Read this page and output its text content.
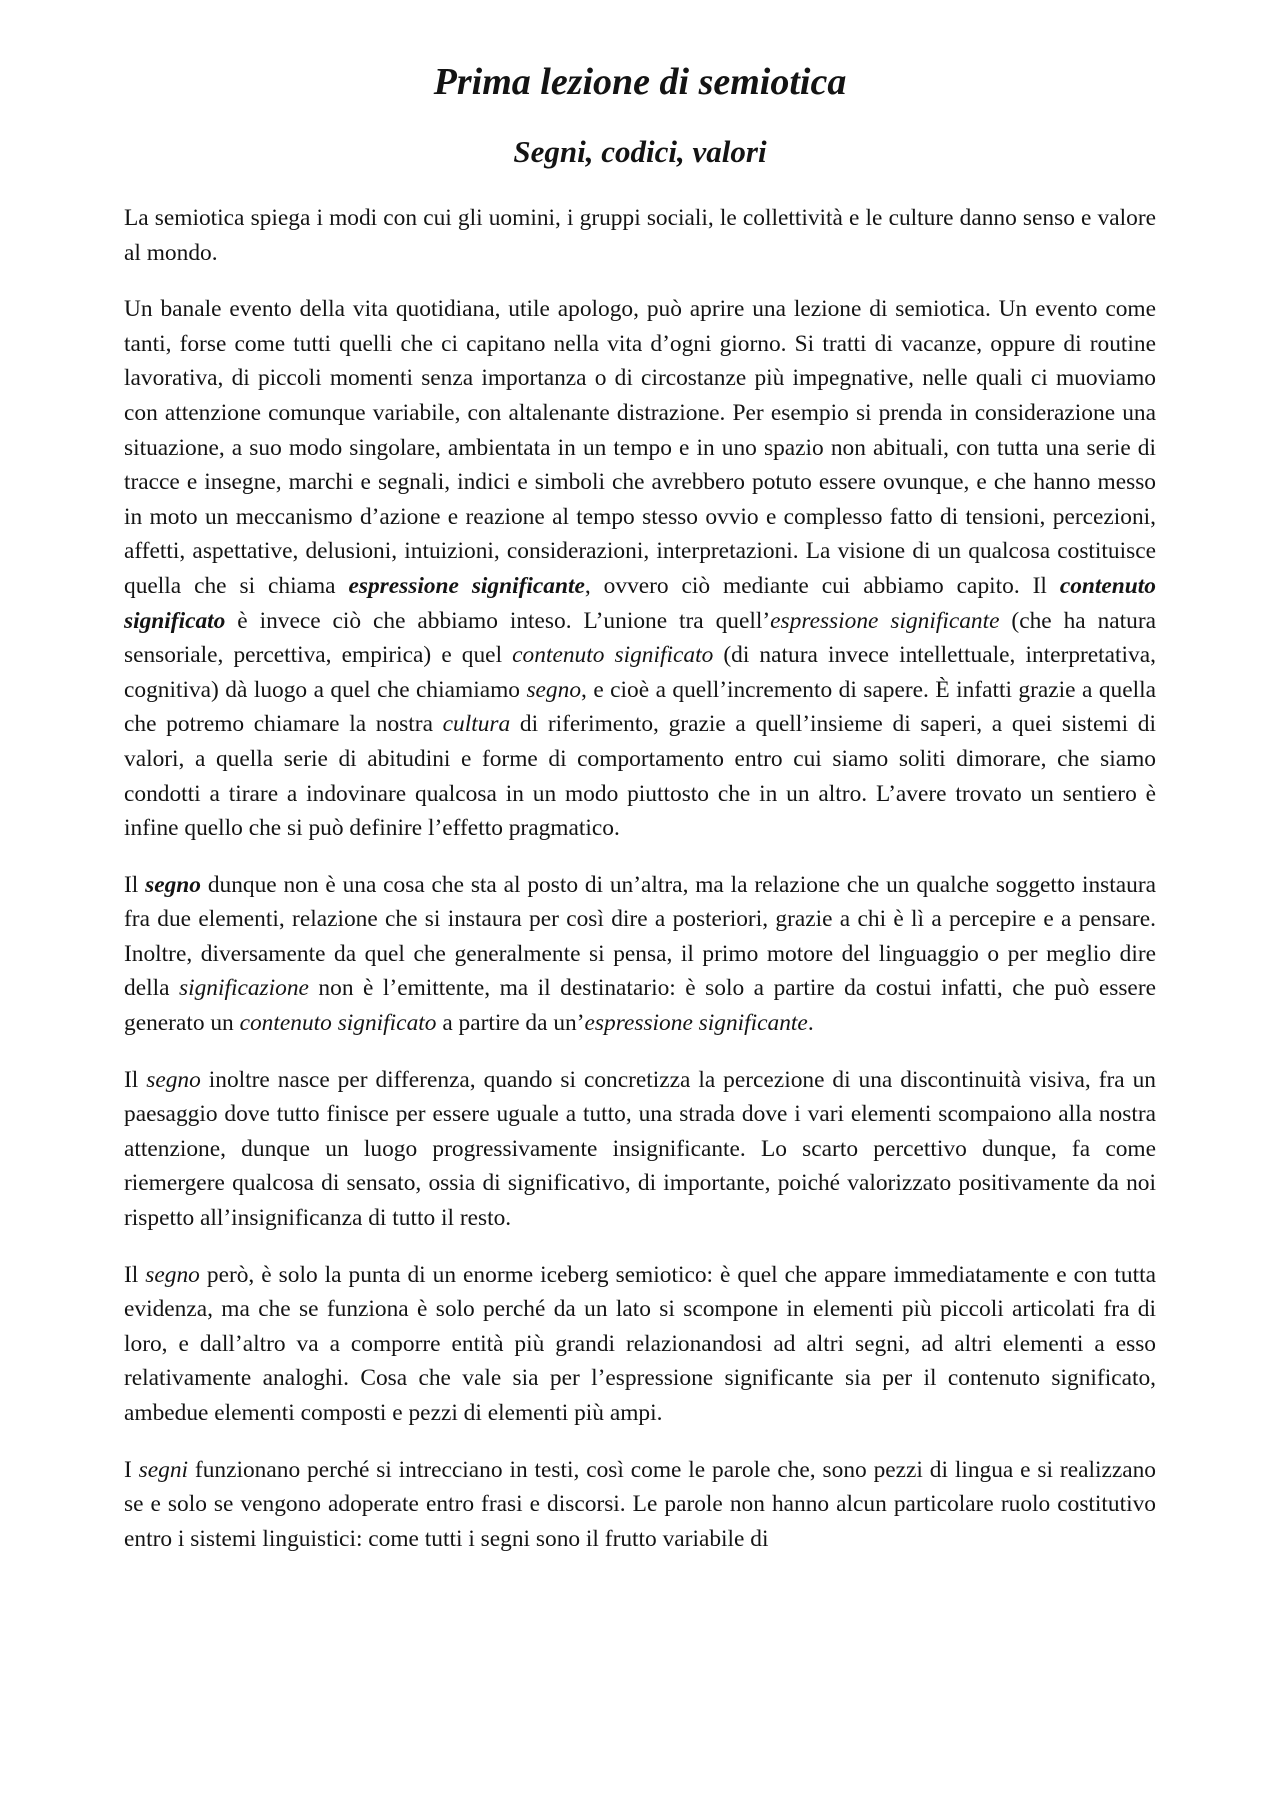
Prima lezione di semiotica
Segni, codici, valori

La semiotica spiega i modi con cui gli uomini, i gruppi sociali, le collettività e le culture danno senso e valore al mondo.

Un banale evento della vita quotidiana, utile apologo, può aprire una lezione di semiotica. Un evento come tanti, forse come tutti quelli che ci capitano nella vita d’ogni giorno. Si tratti di vacanze, oppure di routine lavorativa, di piccoli momenti senza importanza o di circostanze più impegnative, nelle quali ci muoviamo con attenzione comunque variabile, con altalenante distrazione. Per esempio si prenda in considerazione una situazione, a suo modo singolare, ambientata in un tempo e in uno spazio non abituali, con tutta una serie di tracce e insegne, marchi e segnali, indici e simboli che avrebbero potuto essere ovunque, e che hanno messo in moto un meccanismo d’azione e reazione al tempo stesso ovvio e complesso fatto di tensioni, percezioni, affetti, aspettative, delusioni, intuizioni, considerazioni, interpretazioni. La visione di un qualcosa costituisce quella che si chiama espressione significante, ovvero ciò mediante cui abbiamo capito. Il contenuto significato è invece ciò che abbiamo inteso. L’unione tra quell’espressione significante (che ha natura sensoriale, percettiva, empirica) e quel contenuto significato (di natura invece intellettuale, interpretativa, cognitiva) dà luogo a quel che chiamiamo segno, e cioè a quell’incremento di sapere. È infatti grazie a quella che potremo chiamare la nostra cultura di riferimento, grazie a quell’insieme di saperi, a quei sistemi di valori, a quella serie di abitudini e forme di comportamento entro cui siamo soliti dimorare, che siamo condotti a tirare a indovinare qualcosa in un modo piuttosto che in un altro. L’avere trovato un sentiero è infine quello che si può definire l’effetto pragmatico.

Il segno dunque non è una cosa che sta al posto di un’altra, ma la relazione che un qualche soggetto instaura fra due elementi, relazione che si instaura per così dire a posteriori, grazie a chi è lì a percepire e a pensare. Inoltre, diversamente da quel che generalmente si pensa, il primo motore del linguaggio o per meglio dire della significazione non è l’emittente, ma il destinatario: è solo a partire da costui infatti, che può essere generato un contenuto significato a partire da un’espressione significante.

Il segno inoltre nasce per differenza, quando si concretizza la percezione di una discontinuità visiva, fra un paesaggio dove tutto finisce per essere uguale a tutto, una strada dove i vari elementi scompaiono alla nostra attenzione, dunque un luogo progressivamente insignificante. Lo scarto percettivo dunque, fa come riemergere qualcosa di sensato, ossia di significativo, di importante, poiché valorizzato positivamente da noi rispetto all’insignificanza di tutto il resto.

Il segno però, è solo la punta di un enorme iceberg semiotico: è quel che appare immediatamente e con tutta evidenza, ma che se funziona è solo perché da un lato si scompone in elementi più piccoli articolati fra di loro, e dall’altro va a comporre entità più grandi relazionandosi ad altri segni, ad altri elementi a esso relativamente analoghi. Cosa che vale sia per l’espressione significante sia per il contenuto significato, ambedue elementi composti e pezzi di elementi più ampi.

I segni funzionano perché si intrecciano in testi, così come le parole che, sono pezzi di lingua e si realizzano se e solo se vengono adoperate entro frasi e discorsi. Le parole non hanno alcun particolare ruolo costitutivo entro i sistemi linguistici: come tutti i segni sono il frutto variabile di
